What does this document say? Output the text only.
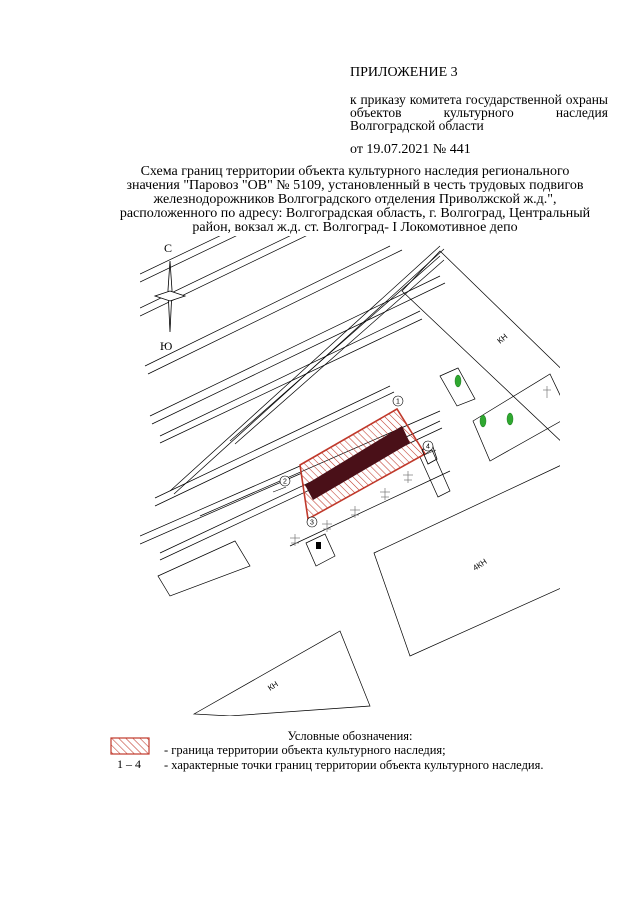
ПРИЛОЖЕНИЕ 3
к приказу комитета государственной охраны объектов культурного наследия Волгоградской области
от 19.07.2021 № 441
Схема границ территории объекта культурного наследия регионального
значения "Паровоз "ОВ" № 5109, установленный в честь трудовых подвигов
железнодорожников Волгоградского отделения Приволжской ж.д.",
расположенного по адресу: Волгоградская область, г. Волгоград, Центральный
район, вокзал ж.д. ст. Волгоград- I Локомотивное депо
1
2
3
4
КН
4КН
КН
С
Ю
Условные обозначения:
- граница территории объекта культурного наследия;
1 – 4	- характерные точки границ территории объекта культурного наследия.
